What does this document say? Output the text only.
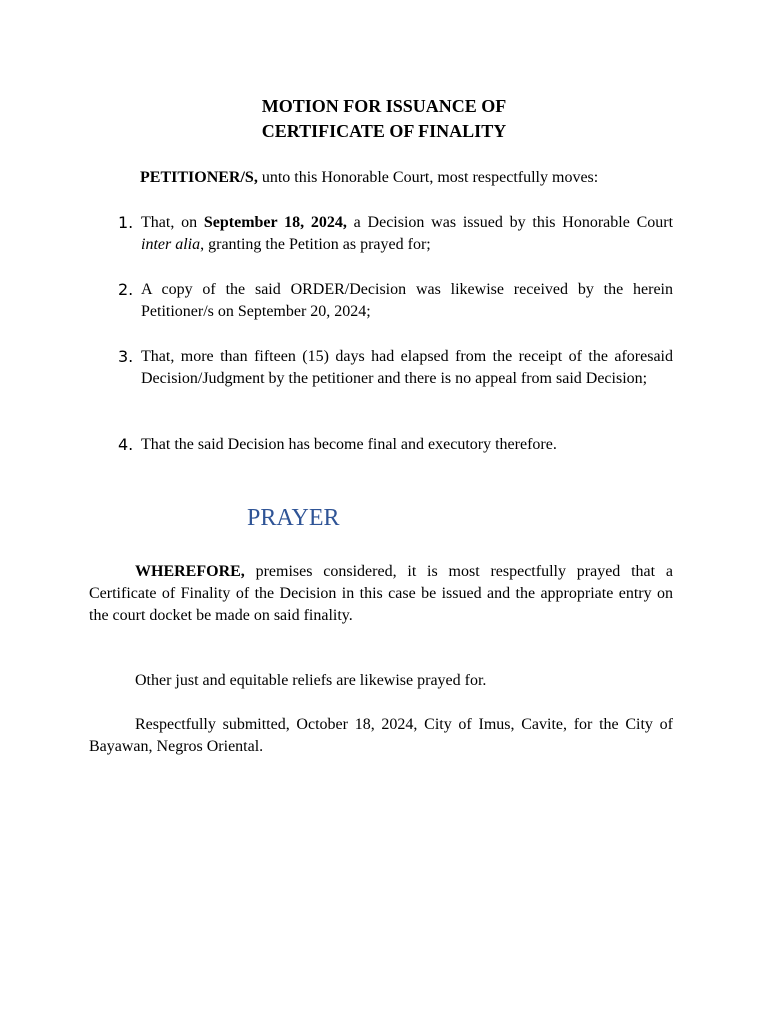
MOTION FOR ISSUANCE OF
CERTIFICATE OF FINALITY
PETITIONER/S, unto this Honorable Court, most respectfully moves:
1. That, on September 18, 2024, a Decision was issued by this Honorable Court inter alia, granting the Petition as prayed for;
2. A copy of the said ORDER/Decision was likewise received by the herein Petitioner/s on September 20, 2024;
3. That, more than fifteen (15) days had elapsed from the receipt of the aforesaid Decision/Judgment by the petitioner and there is no appeal from said Decision;
4. That the said Decision has become final and executory therefore.
PRAYER
WHEREFORE, premises considered, it is most respectfully prayed that a Certificate of Finality of the Decision in this case be issued and the appropriate entry on the court docket be made on said finality.
Other just and equitable reliefs are likewise prayed for.
Respectfully submitted, October 18, 2024, City of Imus, Cavite, for the City of Bayawan, Negros Oriental.
